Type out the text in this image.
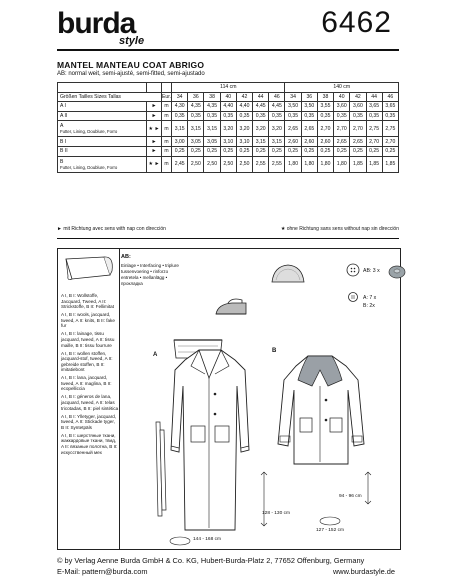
burda
style
6462
MANTEL MANTEAU COAT ABRIGO
AB: normal weit, semi-ajusté, semi-fitted, semi-ajustado
			114 cm							140 cm						
Größen Tailles Sizes Tallas		Eur.	34	36	38	40	42	44	46	34	36	38	40	42	44	46
A I	►	m	4,30	4,35	4,35	4,40	4,40	4,45	4,45	3,50	3,50	3,55	3,60	3,60	3,65	3,65
A II	►	m	0,35	0,35	0,35	0,35	0,35	0,35	0,35	0,35	0,35	0,35	0,35	0,35	0,35	0,35
A
Futter, Lining, Doublure, Forro	★ ►	m	3,15	3,15	3,15	3,20	3,20	3,20	3,20	2,65	2,65	2,70	2,70	2,70	2,75	2,75
B I	►	m	3,00	3,05	3,05	3,10	3,10	3,15	3,15	2,60	2,60	2,60	2,65	2,65	2,70	2,70
B II	►	m	0,25	0,25	0,25	0,25	0,25	0,25	0,25	0,25	0,25	0,25	0,25	0,25	0,25	0,25
B
Futter, Lining, Doublure, Forro	★ ►	m	2,45	2,50	2,50	2,50	2,50	2,55	2,55	1,80	1,80	1,80	1,80	1,85	1,85	1,85
► mit Richtung avec sens with nap con dirección	★ ohne Richtung sans sens without nap sin dirección
A I, B I: Wollstoffe, Jacquard, Tweed, A II: Strickstoffe, B II: Fellimitat
A I, B I: wools, jacquard, tweed, A II: knits, B II: fake fur
A I, B I: lainage, tissu jacquard, tweed, A II: tissu maille, B II: tissu fourrure
A I, B I: wollen stoffen, jacquard-stof, tweed, A II: gebreide stoffen, B II: imitatiebont
A I, B I: lana, jacquard, tweed, A II: maglina, B II: ecopelliccia
A I, B I: géneros de lana, jacquard, tweed, A II: telas tricotadas, B II: piel sintética
A I, B I: Ylletyger, jacquard, tweed, A II: Stickade tyger, B II: Syntetpäls
A I, B I: шерстяные ткани, жаккардовые ткани, твид, A II: вязаные полотна, B II: искусственный мех
AB:
Einlage • Interfacing • triplure
tussenvoering • rinforzo
entretela • mellanlägg •
прокладка
AB: 3 x
A: 7 x
B: 2x
A
B
128 - 130 cm
144 - 168 cm
94 - 96 cm
127 - 152 cm
© by Verlag Aenne Burda GmbH & Co. KG, Hubert-Burda-Platz 2, 77652 Offenburg, Germany
E-Mail: pattern@burda.com	www.burdastyle.de
